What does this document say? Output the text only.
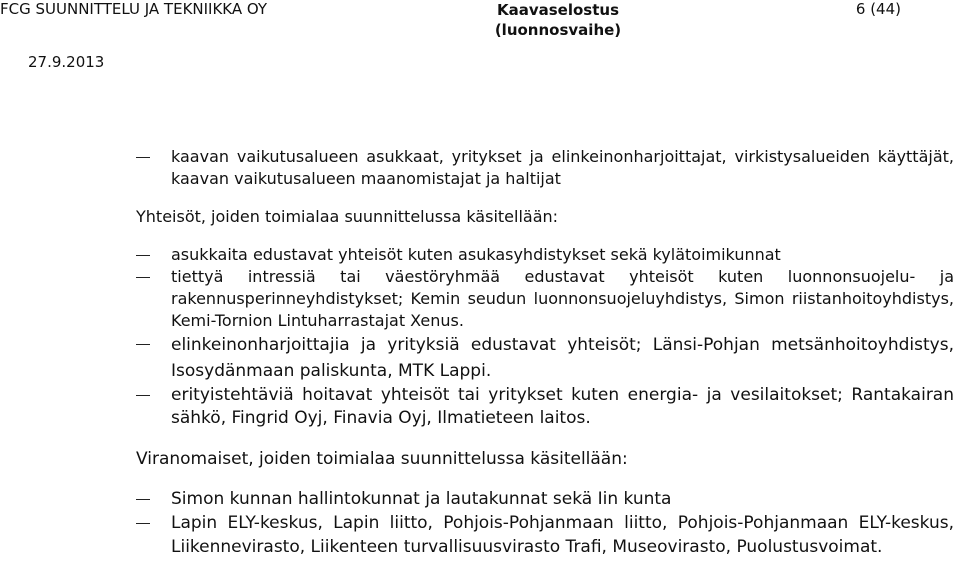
FCG SUUNNITTELU JA TEKNIIKKA OY	Kaavaselostus
(luonnosvaihe)
6 (44)
27.9.2013
kaavan vaikutusalueen asukkaat, yritykset ja elinkeinonharjoittajat, virkistysalueiden käyttäjät, kaavan vaikutusalueen maanomistajat ja haltijat

Yhteisöt, joiden toimialaa suunnittelussa käsitellään:

asukkaita edustavat yhteisöt kuten asukasyhdistykset sekä kylätoimikunnat
tiettyä intressiä tai väestöryhmää edustavat yhteisöt kuten luonnonsuojelu- ja rakennusperinneyhdistykset; Kemin seudun luonnonsuojeluyhdistys, Simon riistanhoitoyhdistys, Kemi-Tornion Lintuharrastajat Xenus.
elinkeinonharjoittajia ja yrityksiä edustavat yhteisöt; Länsi-Pohjan metsänhoitoyhdistys, Isosydänmaan paliskunta, MTK Lappi.
erityistehtäviä hoitavat yhteisöt tai yritykset kuten energia- ja vesilaitokset; Rantakairan sähkö, Fingrid Oyj, Finavia Oyj, Ilmatieteen laitos.

Viranomaiset, joiden toimialaa suunnittelussa käsitellään:

Simon kunnan hallintokunnat ja lautakunnat sekä Iin kunta
Lapin ELY-keskus, Lapin liitto, Pohjois-Pohjanmaan liitto, Pohjois-Pohjanmaan ELY-keskus, Liikennevirasto, Liikenteen turvallisuusvirasto Trafi, Museovirasto, Puolustusvoimat.
